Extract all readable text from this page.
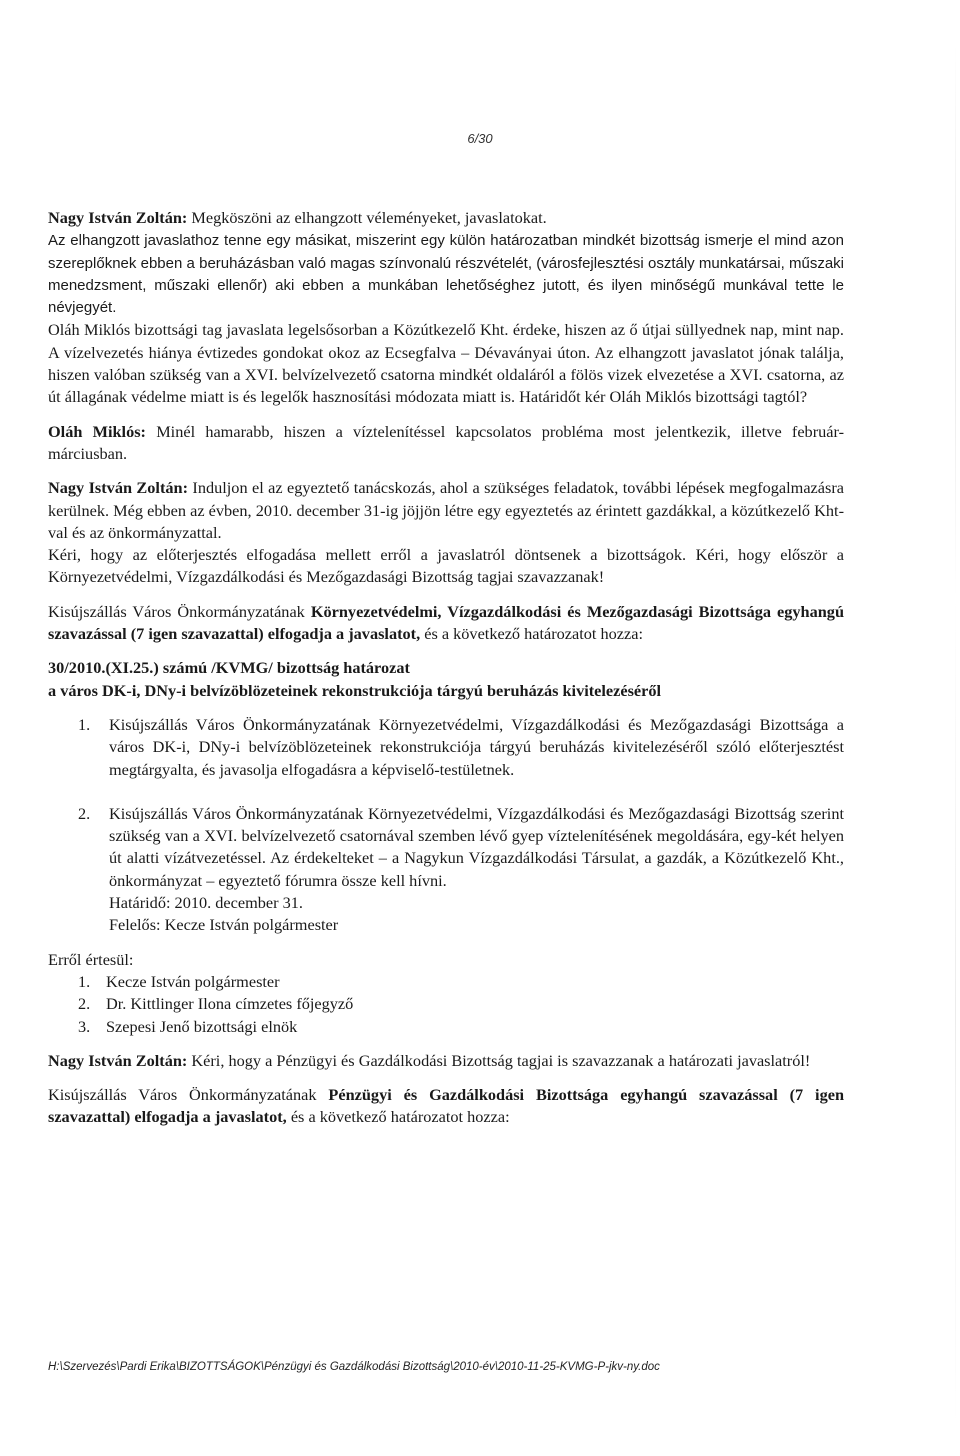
6/30

Nagy István Zoltán: Megköszöni az elhangzott véleményeket, javaslatokat.

Az elhangzott javaslathoz tenne egy másikat, miszerint egy külön határozatban mindkét bizottság ismerje el mind azon szereplőknek ebben a beruházásban való magas színvonalú részvételét, (városfejlesztési osztály munkatársai, műszaki menedzsment, műszaki ellenőr) aki ebben a munkában lehetőséghez jutott, és ilyen minőségű munkával tette le névjegyét.

Oláh Miklós bizottsági tag javaslata legelsősorban a Közútkezelő Kht. érdeke, hiszen az ő útjai süllyednek nap, mint nap. A vízelvezetés hiánya évtizedes gondokat okoz az Ecsegfalva – Dévaványai úton. Az elhangzott javaslatot jónak találja, hiszen valóban szükség van a XVI. belvízelvezető csatorna mindkét oldaláról a fölös vizek elvezetése a XVI. csatorna, az út állagának védelme miatt is és legelők hasznosítási módozata miatt is. Határidőt kér Oláh Miklós bizottsági tagtól?

Oláh Miklós: Minél hamarabb, hiszen a víztelenítéssel kapcsolatos probléma most jelentkezik, illetve február-márciusban.

Nagy István Zoltán: Induljon el az egyeztető tanácskozás, ahol a szükséges feladatok, további lépések megfogalmazásra kerülnek. Még ebben az évben, 2010. december 31-ig jöjjön létre egy egyeztetés az érintett gazdákkal, a közútkezelő Kht-val és az önkormányzattal.

Kéri, hogy az előterjesztés elfogadása mellett erről a javaslatról döntsenek a bizottságok. Kéri, hogy először a Környezetvédelmi, Vízgazdálkodási és Mezőgazdasági Bizottság tagjai szavazzanak!

Kisújszállás Város Önkormányzatának Környezetvédelmi, Vízgazdálkodási és Mezőgazdasági Bizottsága egyhangú szavazással (7 igen szavazattal) elfogadja a javaslatot, és a következő határozatot hozza:

30/2010.(XI.25.) számú /KVMG/ bizottság határozat

a város DK-i, DNy-i belvízöblözeteinek rekonstrukciója tárgyú beruházás kivitelezéséről

1. Kisújszállás Város Önkormányzatának Környezetvédelmi, Vízgazdálkodási és Mezőgazdasági Bizottsága a város DK-i, DNy-i belvízöblözeteinek rekonstrukciója tárgyú beruházás kivitelezéséről szóló előterjesztést megtárgyalta, és javasolja elfogadásra a képviselő-testületnek.
2. Kisújszállás Város Önkormányzatának Környezetvédelmi, Vízgazdálkodási és Mezőgazdasági Bizottság szerint szükség van a XVI. belvízelvezető csatornával szemben lévő gyep víztelenítésének megoldására, egy-két helyen út alatti vízátvezetéssel. Az érdekelteket – a Nagykun Vízgazdálkodási Társulat, a gazdák, a Közútkezelő Kht., önkormányzat – egyeztető fórumra össze kell hívni.
Határidő: 2010. december 31.
Felelős: Kecze István polgármester

Erről értesül:

1. Kecze István polgármester
2. Dr. Kittlinger Ilona címzetes főjegyző
3. Szepesi Jenő bizottsági elnök

Nagy István Zoltán: Kéri, hogy a Pénzügyi és Gazdálkodási Bizottság tagjai is szavazzanak a határozati javaslatról!

Kisújszállás Város Önkormányzatának Pénzügyi és Gazdálkodási Bizottsága egyhangú szavazással (7 igen szavazattal) elfogadja a javaslatot, és a következő határozatot hozza:

H:\Szervezés\Pardi Erika\BIZOTTSÁGOK\Pénzügyi és Gazdálkodási Bizottság\2010-év\2010-11-25-KVMG-P-jkv-ny.doc
